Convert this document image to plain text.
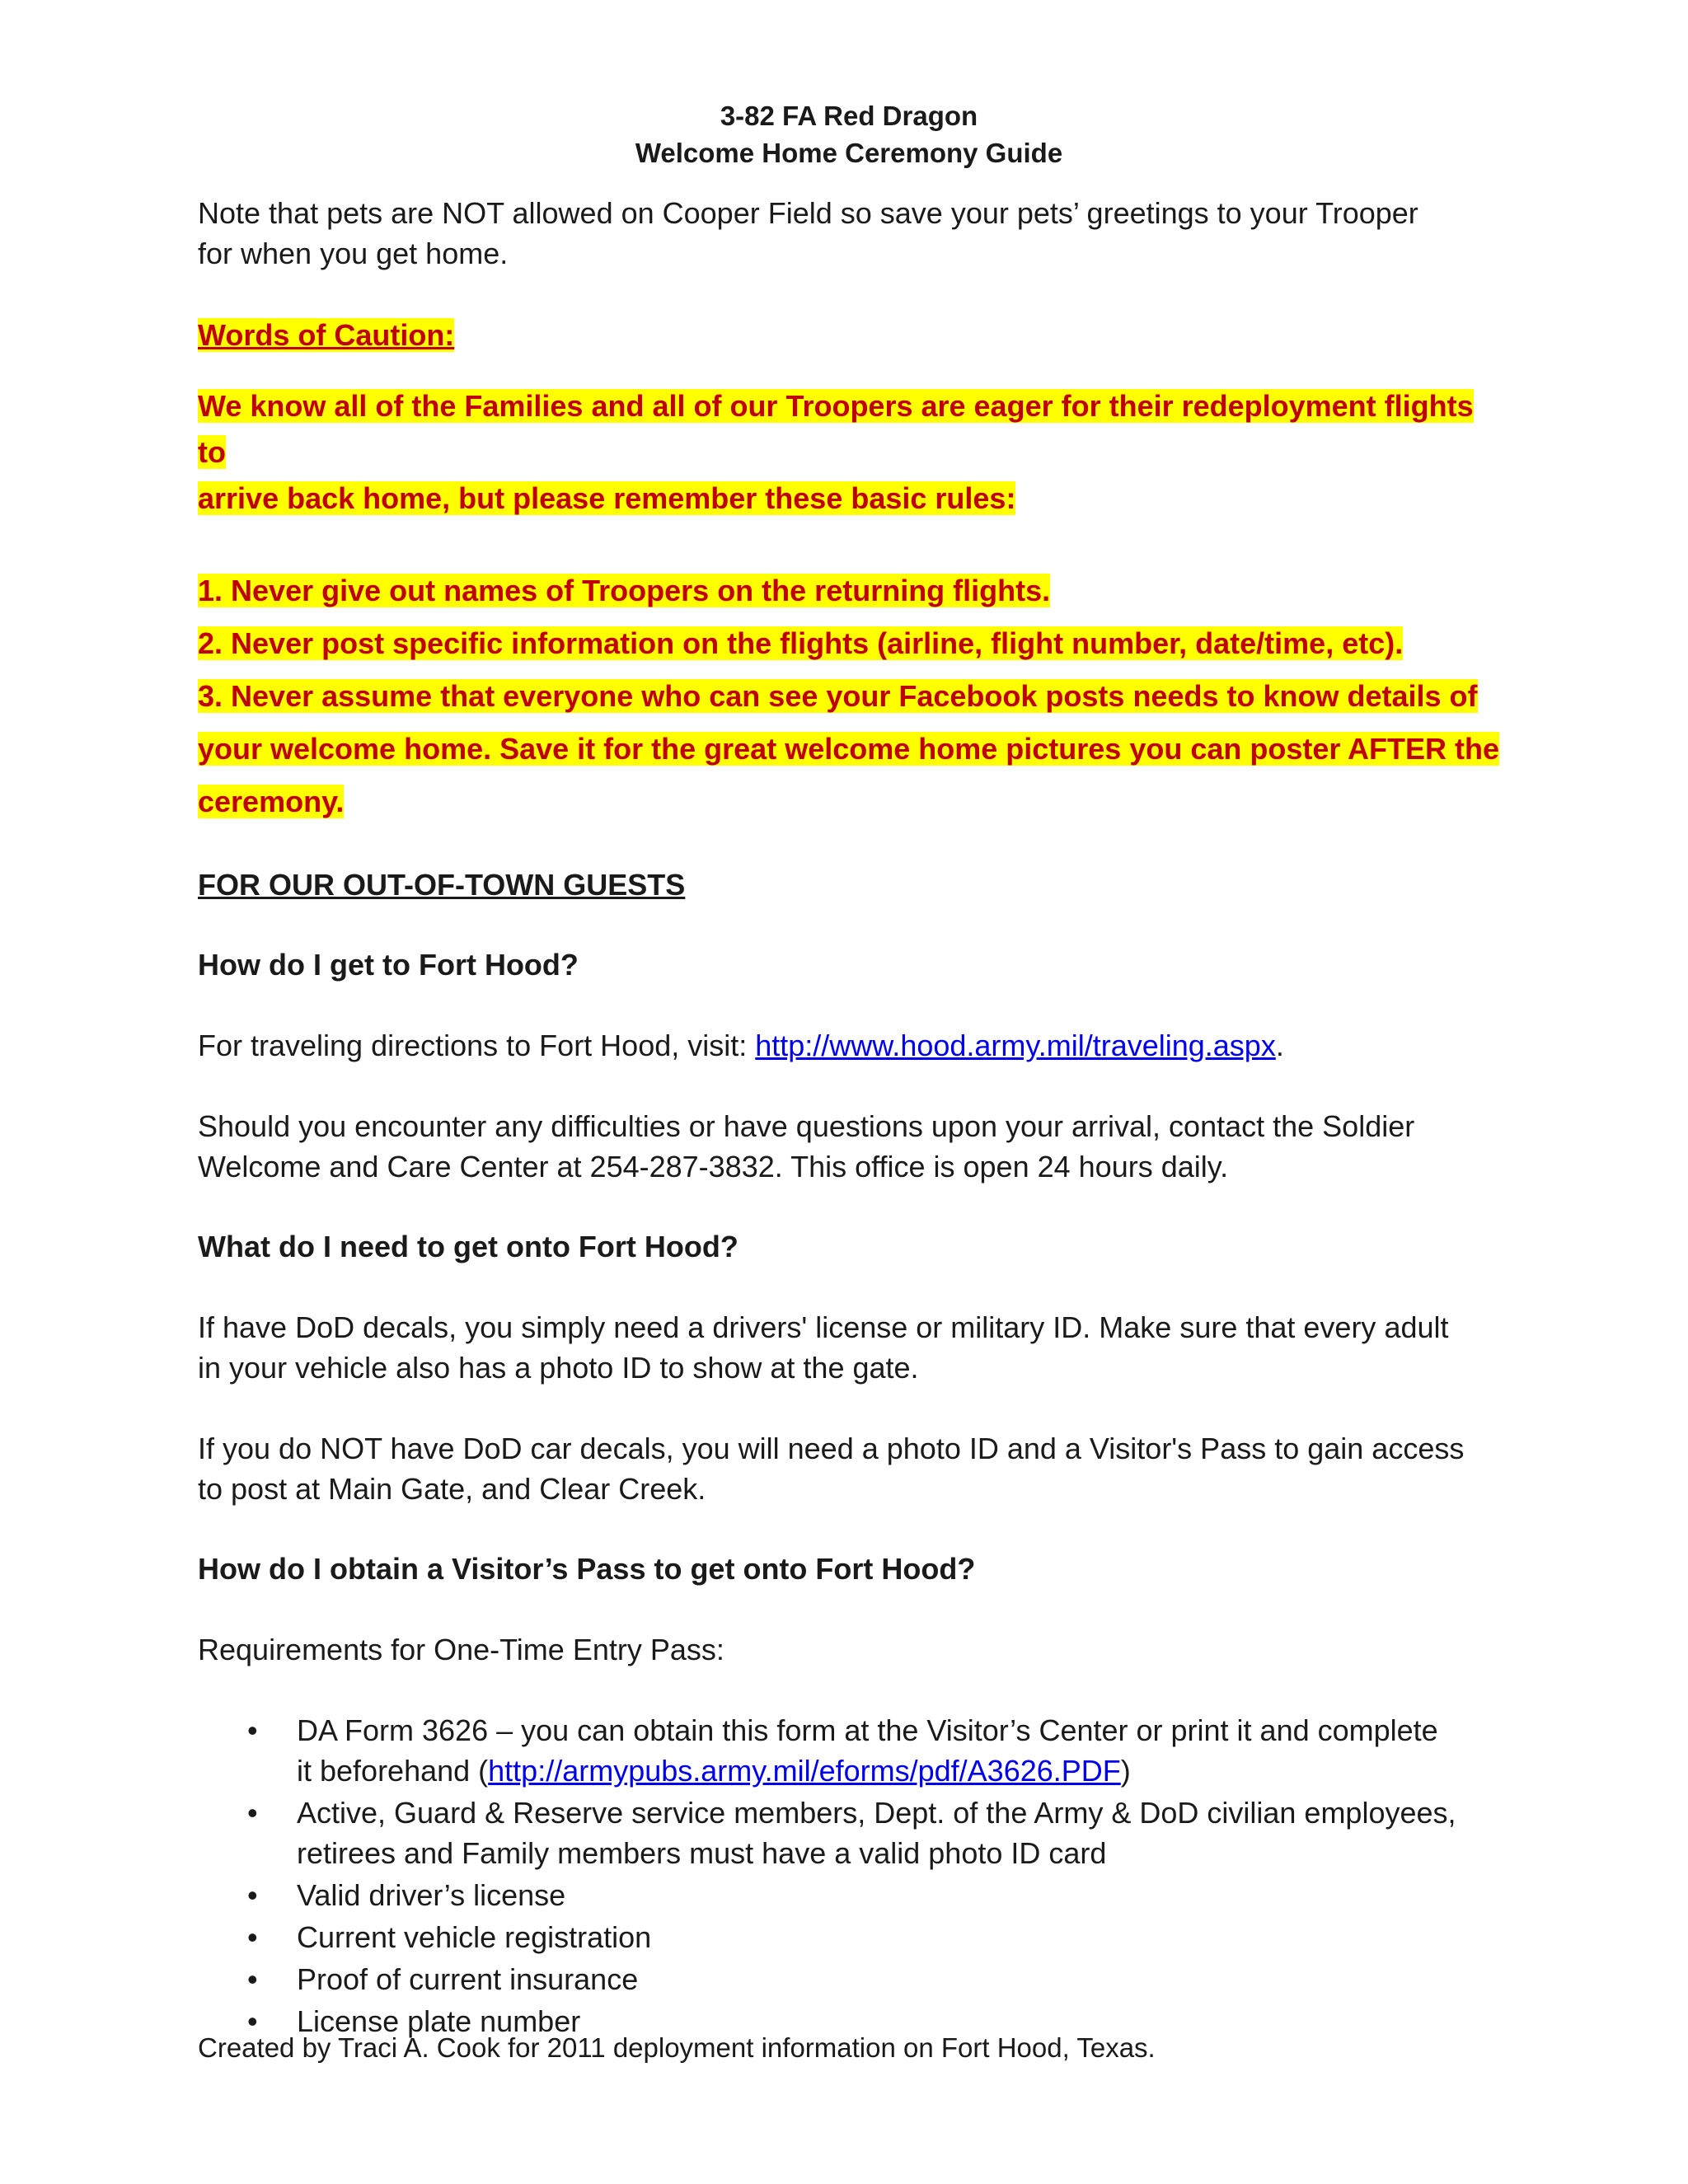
3-82 FA Red Dragon
Welcome Home Ceremony Guide

Note that pets are NOT allowed on Cooper Field so save your pets’ greetings to your Trooper
for when you get home.

Words of Caution:

We know all of the Families and all of our Troopers are eager for their redeployment flights to
arrive back home, but please remember these basic rules:

1. Never give out names of Troopers on the returning flights.
2. Never post specific information on the flights (airline, flight number, date/time, etc).
3. Never assume that everyone who can see your Facebook posts needs to know details of
your welcome home. Save it for the great welcome home pictures you can poster AFTER the
ceremony.

FOR OUR OUT-OF-TOWN GUESTS

How do I get to Fort Hood?

For traveling directions to Fort Hood, visit: http://www.hood.army.mil/traveling.aspx.

Should you encounter any difficulties or have questions upon your arrival, contact the Soldier
Welcome and Care Center at 254-287-3832. This office is open 24 hours daily.

What do I need to get onto Fort Hood?

If have DoD decals, you simply need a drivers' license or military ID. Make sure that every adult
in your vehicle also has a photo ID to show at the gate.

If you do NOT have DoD car decals, you will need a photo ID and a Visitor's Pass to gain access
to post at Main Gate, and Clear Creek.

How do I obtain a Visitor’s Pass to get onto Fort Hood?

Requirements for One-Time Entry Pass:

• DA Form 3626 – you can obtain this form at the Visitor’s Center or print it and complete
it beforehand (http://armypubs.army.mil/eforms/pdf/A3626.PDF)
• Active, Guard & Reserve service members, Dept. of the Army & DoD civilian employees,
retirees and Family members must have a valid photo ID card
• Valid driver’s license
• Current vehicle registration
• Proof of current insurance
• License plate number
Created by Traci A. Cook for 2011 deployment information on Fort Hood, Texas.
